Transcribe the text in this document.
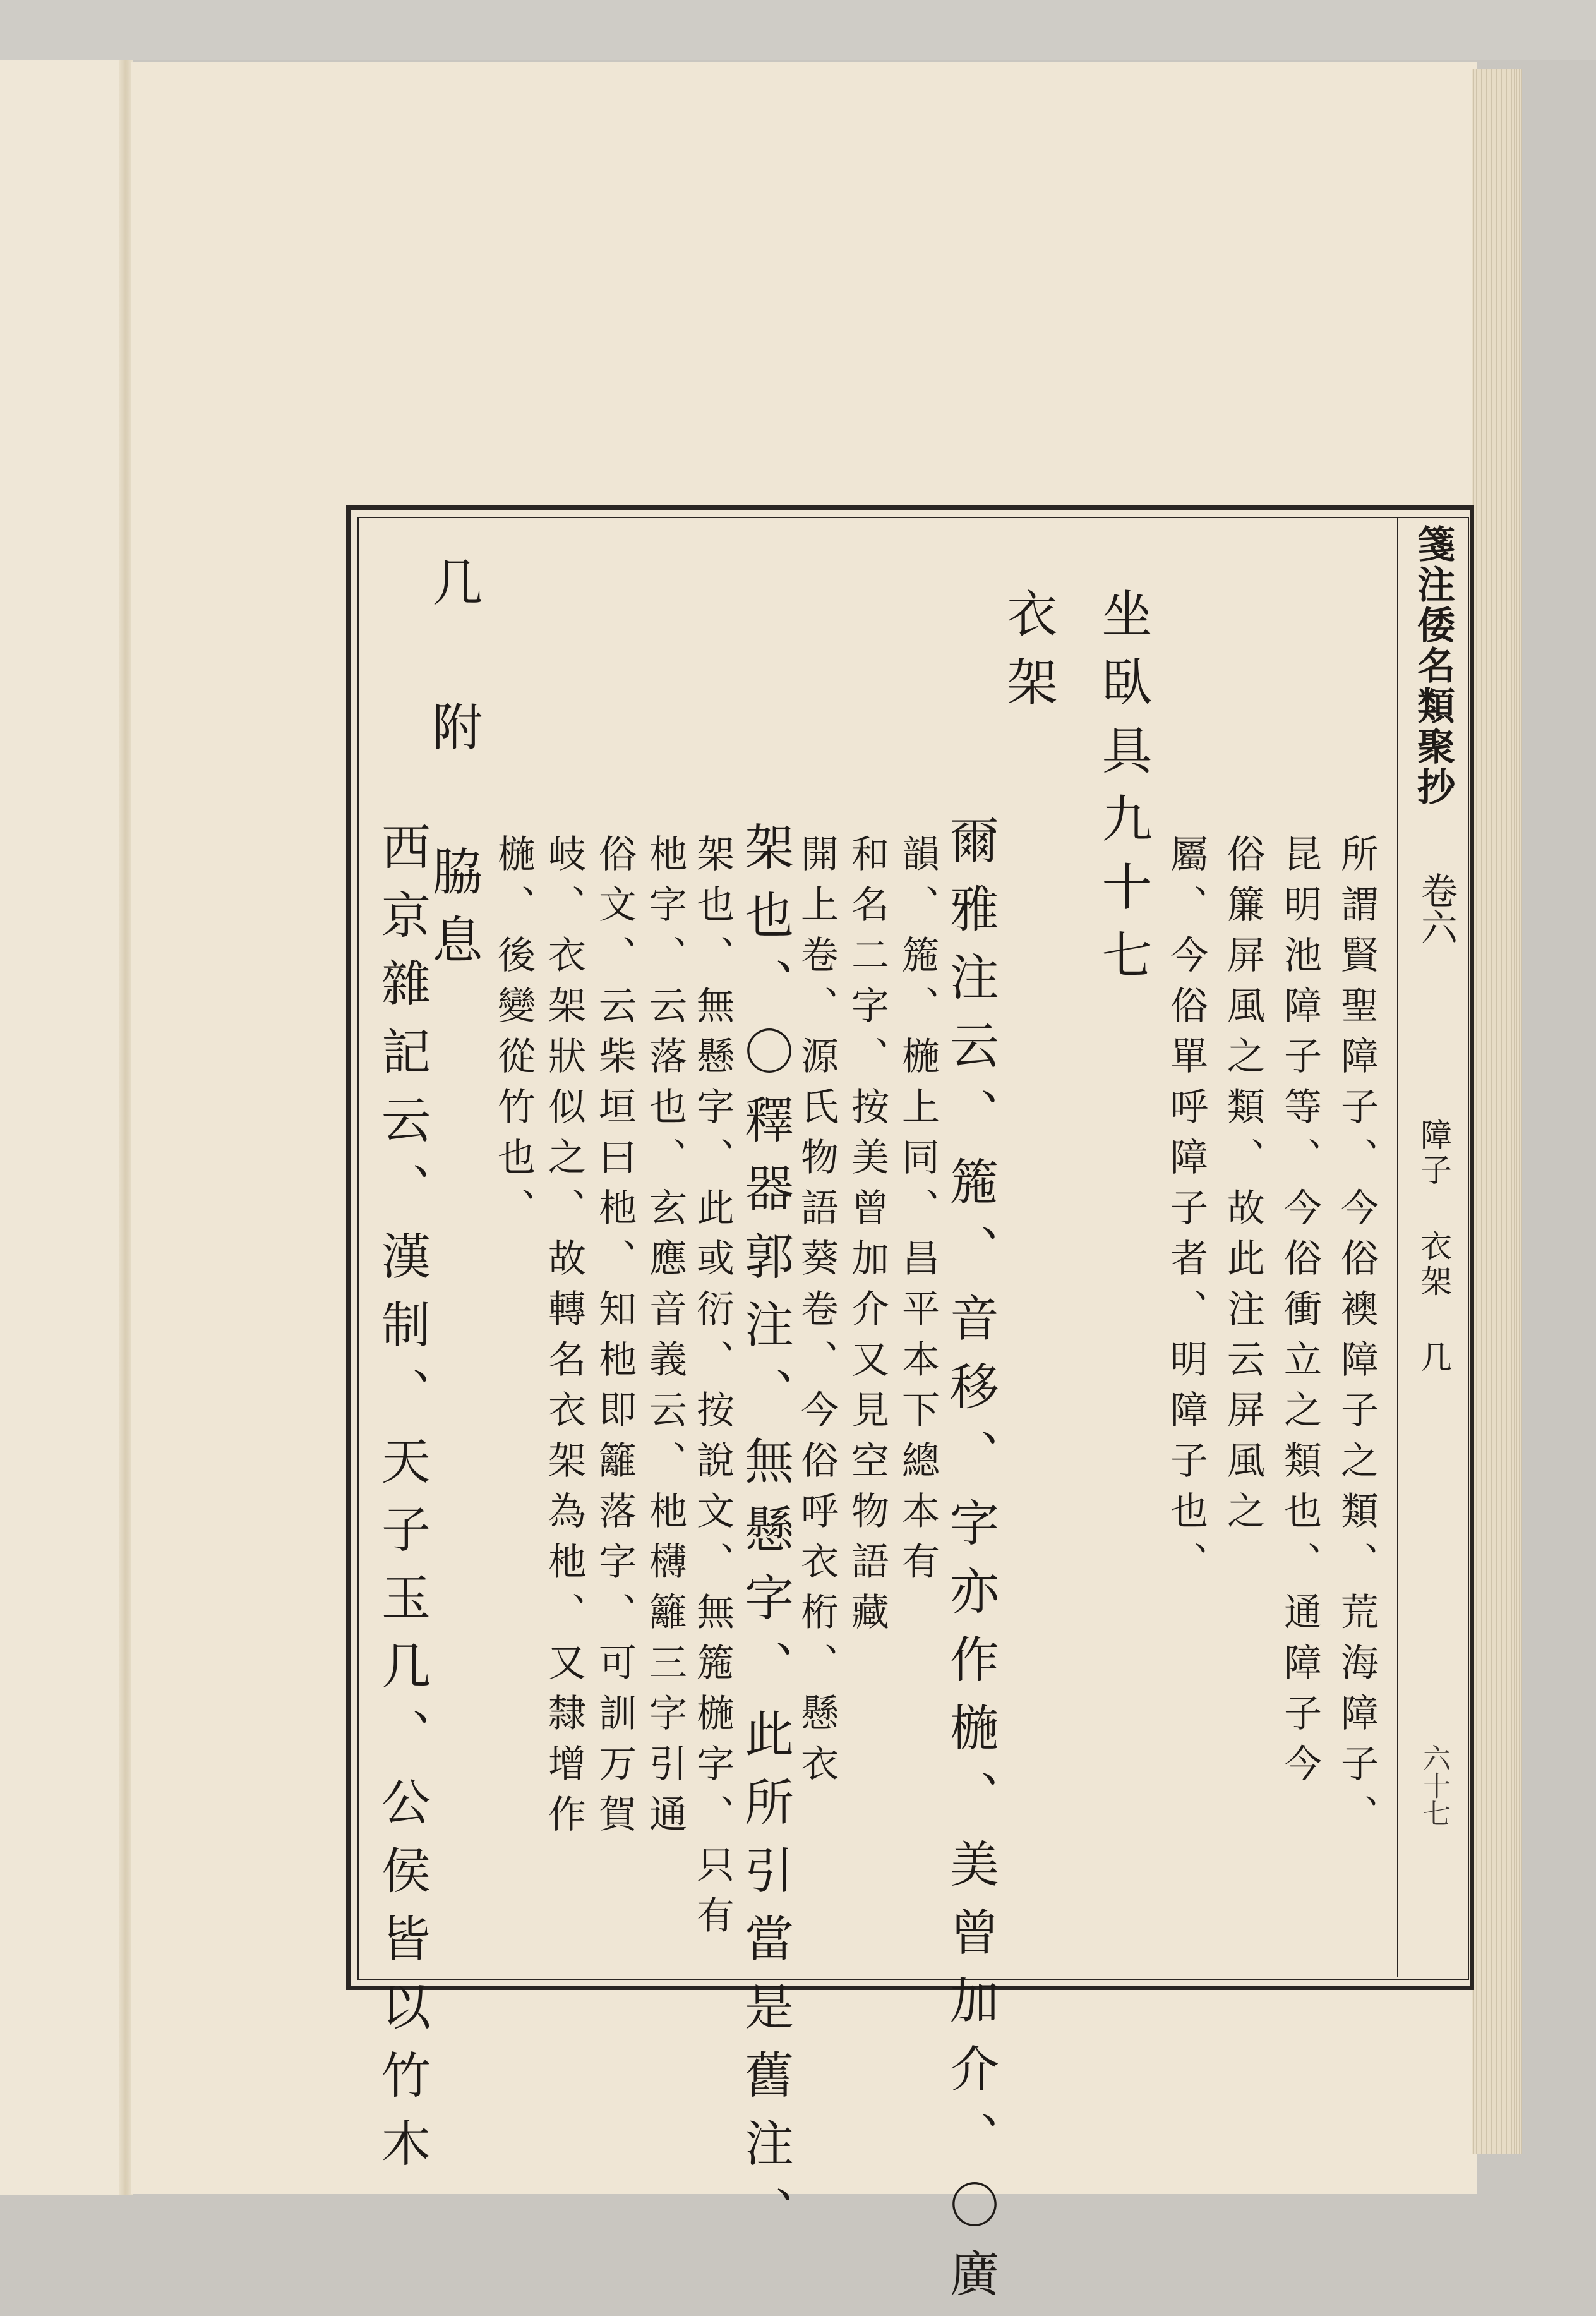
箋注倭名類聚抄
卷六
障子 衣架 几
六十七
所謂賢聖障子、今俗襖障子之類、荒海障子、
昆明池障子等、今俗衝立之類也、通障子今
俗簾屏風之類、故此注云屏風之
屬、今俗單呼障子者、明障子也、
坐臥具九十七
衣架
爾雅注云、箷、音移、字亦作椸、美曾加介、〇廣
韻、箷、椸上同、昌平本下總本有
和名二字、按美曾加介又見空物語藏
開上卷、源氏物語葵卷、今俗呼衣桁、懸衣
架也、〇釋器郭注、無懸字、此所引當是舊注、
架也、無懸字、此或衍、按說文、無箷椸字、只有
杝字、云落也、玄應音義云、杝欂籬三字引通
俗文、云柴垣曰杝、知杝即籬落字、可訓万賀
岐、衣架狀似之、故轉名衣架為杝、又隸增作
椸、後變從竹也、
几 附 脇息
西京雜記云、漢制、天子玉几、公侯皆以竹木
